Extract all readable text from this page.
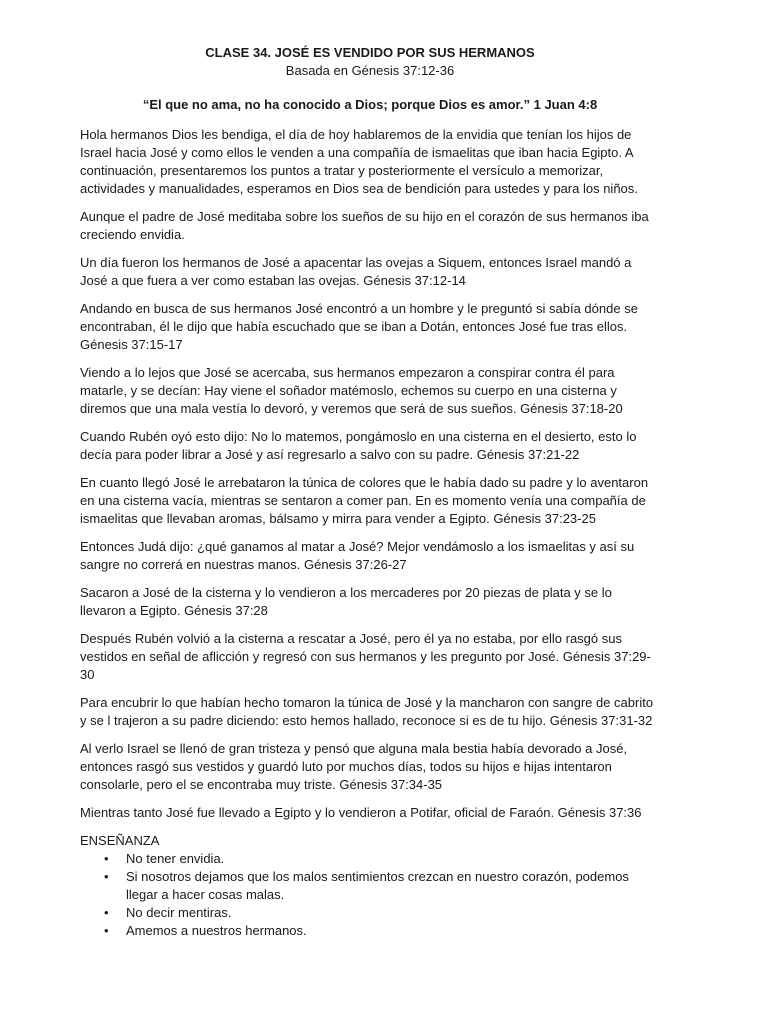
CLASE 34. JOSÉ ES VENDIDO POR SUS HERMANOS

Basada en Génesis 37:12-36

“El que no ama, no ha conocido a Dios; porque Dios es amor.” 1 Juan 4:8

Hola hermanos Dios les bendiga, el día de hoy hablaremos de la envidia que tenían los hijos de Israel hacia José y como ellos le venden a una compañía de ismaelitas que iban hacia Egipto. A continuación, presentaremos los puntos a tratar y posteriormente el versículo a memorizar, actividades y manualidades, esperamos en Dios sea de bendición para ustedes y para los niños.

Aunque el padre de José meditaba sobre los sueños de su hijo en el corazón de sus hermanos iba creciendo envidia.

Un día fueron los hermanos de José a apacentar las ovejas a Siquem, entonces Israel mandó a José a que fuera a ver como estaban las ovejas. Génesis 37:12-14

Andando en busca de sus hermanos José encontró a un hombre y le preguntó si sabía dónde se encontraban, él le dijo que había escuchado que se iban a Dotán, entonces José fue tras ellos. Génesis 37:15-17

Viendo a lo lejos que José se acercaba, sus hermanos empezaron a conspirar contra él para matarle, y se decían: Hay viene el soñador matémoslo, echemos su cuerpo en una cisterna y diremos que una mala vestía lo devoró, y veremos que será de sus sueños. Génesis 37:18-20

Cuando Rubén oyó esto dijo: No lo matemos, pongámoslo en una cisterna en el desierto, esto lo decía para poder librar a José y así regresarlo a salvo con su padre. Génesis 37:21-22

En cuanto llegó José le arrebataron la túnica de colores que le había dado su padre y lo aventaron en una cisterna vacía, mientras se sentaron a comer pan. En es momento venía una compañía de ismaelitas que llevaban aromas, bálsamo y mirra para vender a Egipto. Génesis 37:23-25

Entonces Judá dijo: ¿qué ganamos al matar a José? Mejor vendámoslo a los ismaelitas y así su sangre no correrá en nuestras manos. Génesis 37:26-27

Sacaron a José de la cisterna y lo vendieron a los mercaderes por 20 piezas de plata y se lo llevaron a Egipto. Génesis 37:28

Después Rubén volvió a la cisterna a rescatar a José, pero él ya no estaba, por ello rasgó sus vestidos en señal de aflicción y regresó con sus hermanos y les pregunto por José. Génesis 37:29-30

Para encubrir lo que habían hecho tomaron la túnica de José y la mancharon con sangre de cabrito y se l trajeron a su padre diciendo: esto hemos hallado, reconoce si es de tu hijo. Génesis 37:31-32

Al verlo Israel se llenó de gran tristeza y pensó que alguna mala bestia había devorado a José, entonces rasgó sus vestidos y guardó luto por muchos días, todos su hijos e hijas intentaron consolarle, pero el se encontraba muy triste. Génesis 37:34-35

Mientras tanto José fue llevado a Egipto y lo vendieron a Potifar, oficial de Faraón. Génesis 37:36

ENSEÑANZA

• No tener envidia.
• Si nosotros dejamos que los malos sentimientos crezcan en nuestro corazón, podemos llegar a hacer cosas malas.
• No decir mentiras.
• Amemos a nuestros hermanos.
